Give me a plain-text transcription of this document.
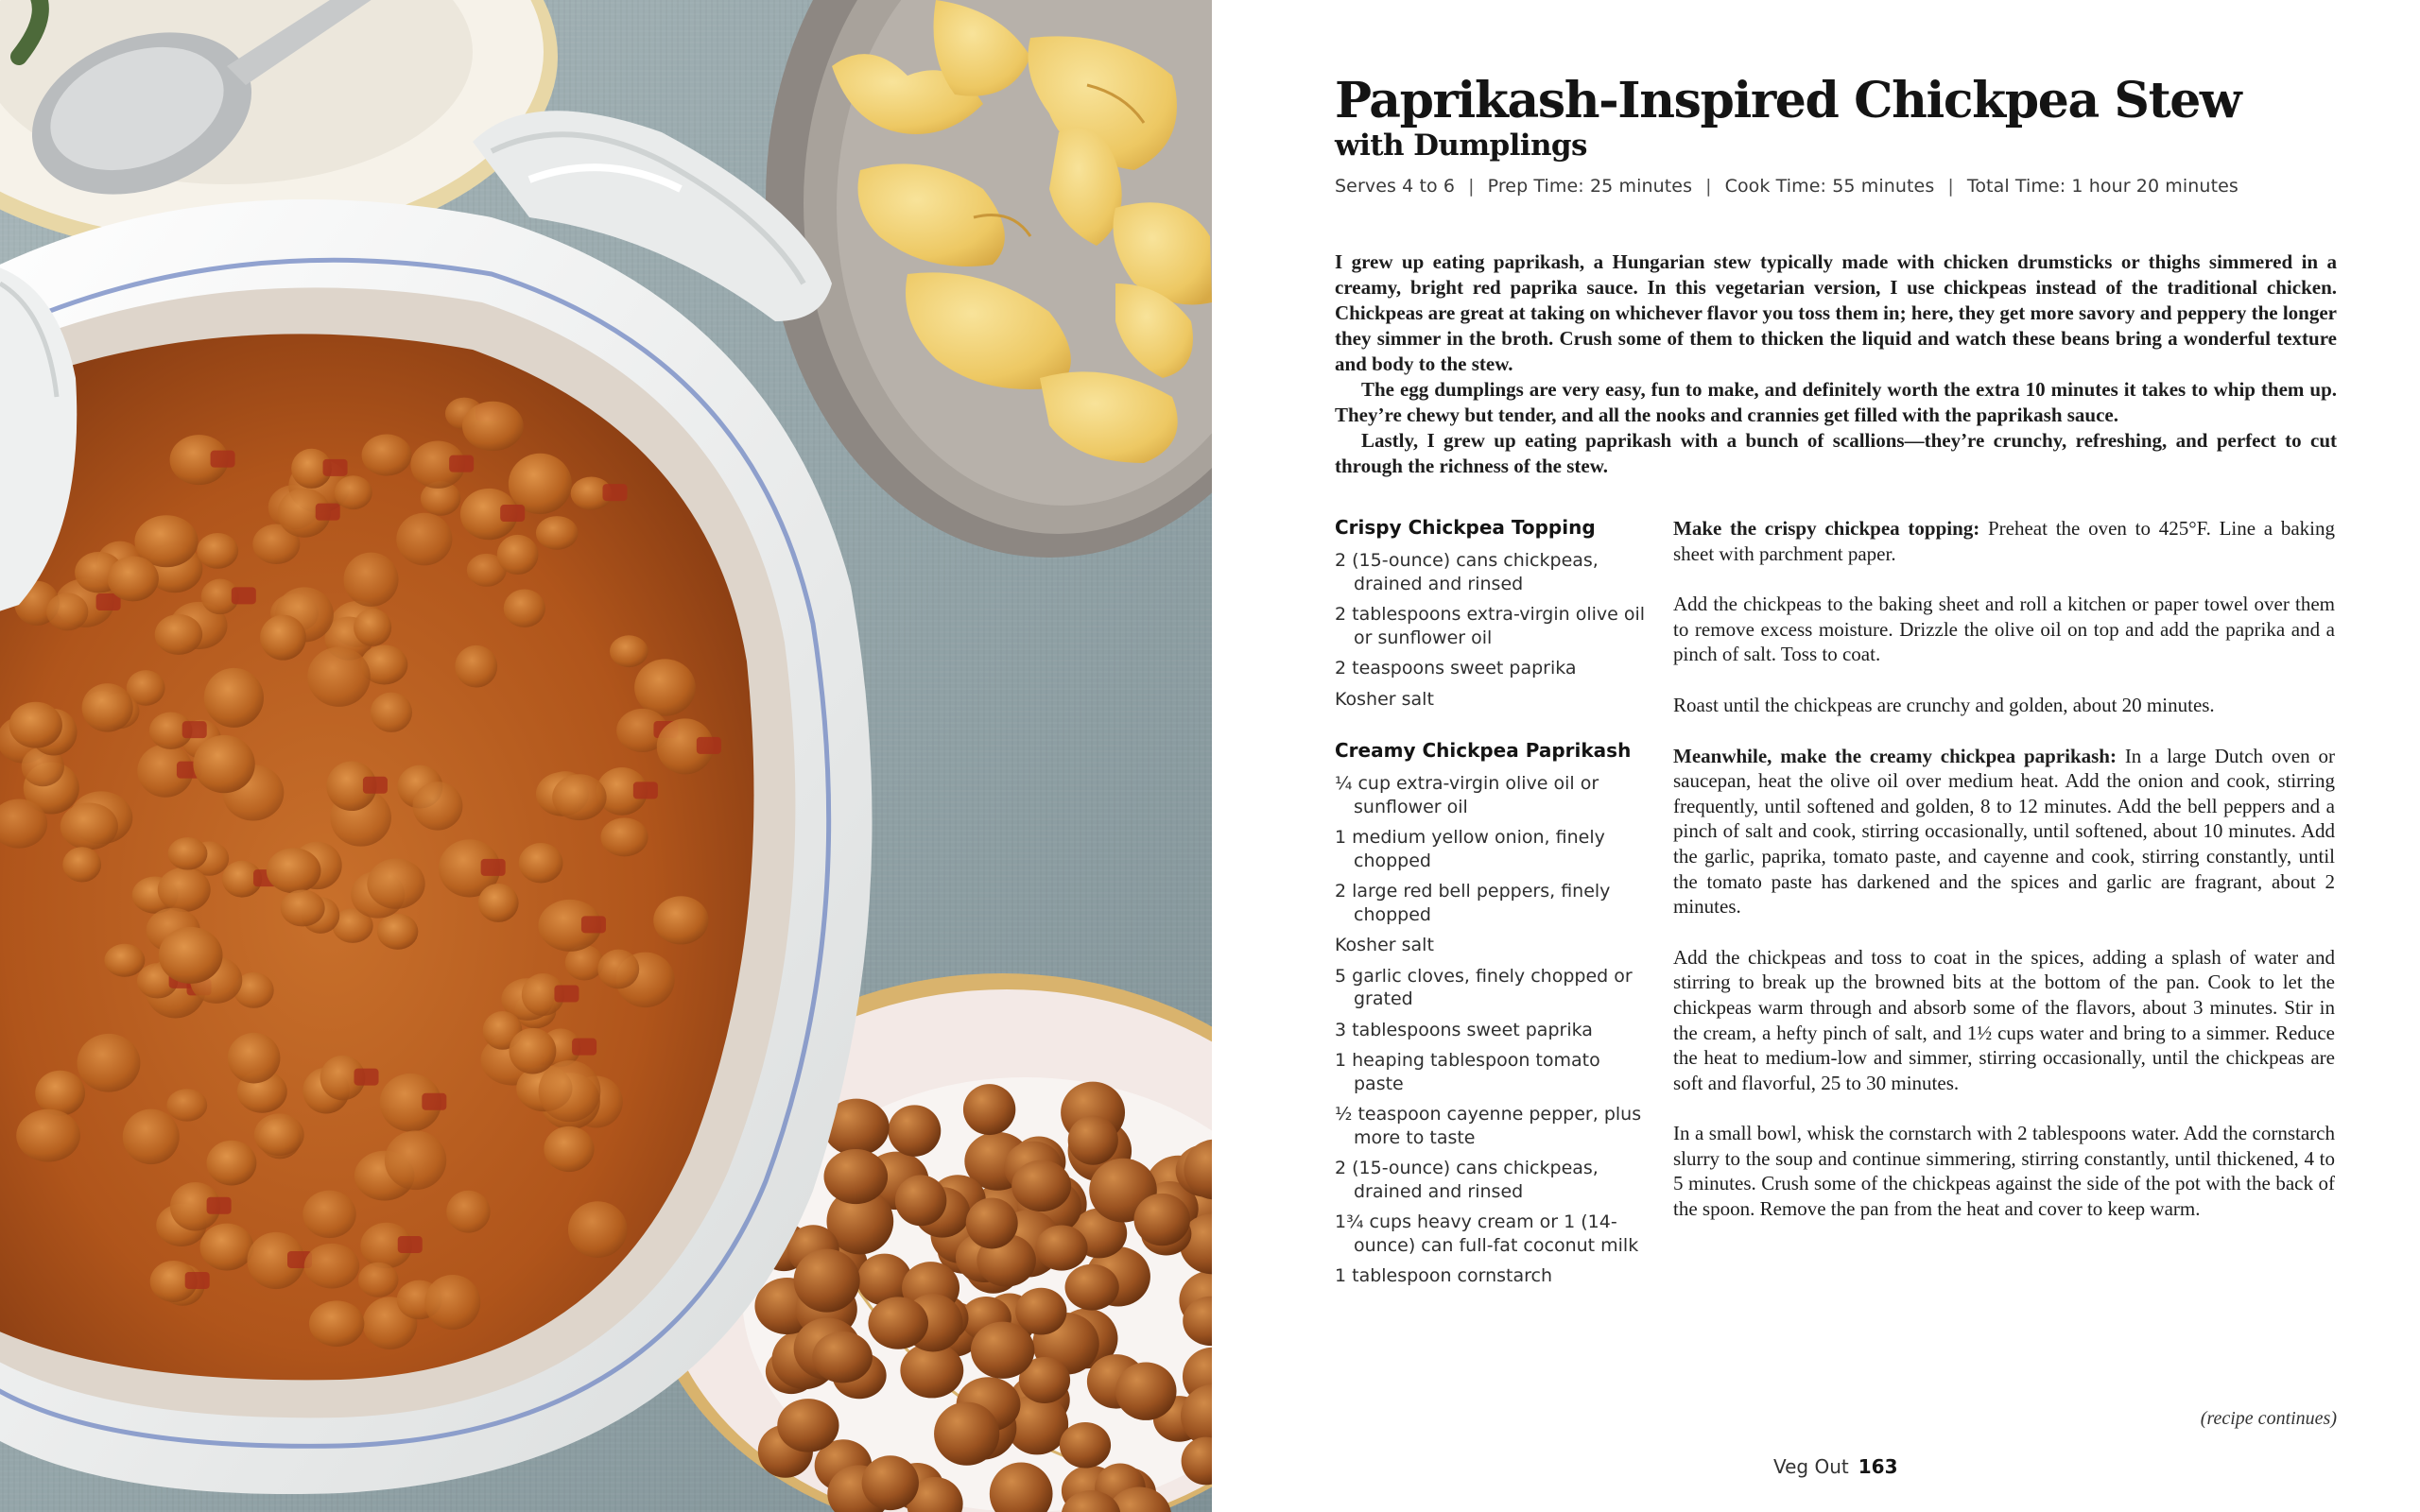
Paprikash-Inspired Chickpea Stew
with Dumplings
Serves 4 to 6 | Prep Time: 25 minutes | Cook Time: 55 minutes | Total Time: 1 hour 20 minutes

I grew up eating paprikash, a Hungarian stew typically made with chicken drumsticks or thighs simmered in a creamy, bright red paprika sauce. In this vegetarian version, I use chickpeas instead of the traditional chicken. Chickpeas are great at taking on whichever flavor you toss them in; here, they get more savory and peppery the longer they simmer in the broth. Crush some of them to thicken the liquid and watch these beans bring a wonderful texture and body to the stew.

The egg dumplings are very easy, fun to make, and definitely worth the extra 10 minutes it takes to whip them up. They’re chewy but tender, and all the nooks and crannies get filled with the paprikash sauce.

Lastly, I grew up eating paprikash with a bunch of scallions—they’re crunchy, refreshing, and perfect to cut through the richness of the stew.

Crispy Chickpea Topping
2 (15-ounce) cans chickpeas, drained and rinsed
2 tablespoons extra-virgin olive oil or sunflower oil
2 teaspoons sweet paprika
Kosher salt
Creamy Chickpea Paprikash
¼ cup extra-virgin olive oil or sunflower oil
1 medium yellow onion, finely chopped
2 large red bell peppers, finely chopped
Kosher salt
5 garlic cloves, finely chopped or grated
3 tablespoons sweet paprika
1 heaping tablespoon tomato paste
½ teaspoon cayenne pepper, plus more to taste
2 (15-ounce) cans chickpeas, drained and rinsed
1¾ cups heavy cream or 1 (14-ounce) can full-fat coconut milk
1 tablespoon cornstarch

Make the crispy chickpea topping: Preheat the oven to 425°F. Line a baking sheet with parchment paper.

Add the chickpeas to the baking sheet and roll a kitchen or paper towel over them to remove excess moisture. Drizzle the olive oil on top and add the paprika and a pinch of salt. Toss to coat.

Roast until the chickpeas are crunchy and golden, about 20 minutes.

Meanwhile, make the creamy chickpea paprikash: In a large Dutch oven or saucepan, heat the olive oil over medium heat. Add the onion and cook, stirring frequently, until softened and golden, 8 to 12 minutes. Add the bell peppers and a pinch of salt and cook, stirring occasionally, until softened, about 10 minutes. Add the garlic, paprika, tomato paste, and cayenne and cook, stirring constantly, until the tomato paste has darkened and the spices and garlic are fragrant, about 2 minutes.

Add the chickpeas and toss to coat in the spices, adding a splash of water and stirring to break up the browned bits at the bottom of the pan. Cook to let the chickpeas warm through and absorb some of the flavors, about 3 minutes. Stir in the cream, a hefty pinch of salt, and 1½ cups water and bring to a simmer. Reduce the heat to medium-low and simmer, stirring occasionally, until the chickpeas are soft and flavorful, 25 to 30 minutes.

In a small bowl, whisk the cornstarch with 2 tablespoons water. Add the cornstarch slurry to the soup and continue simmering, stirring constantly, until thickened, 4 to 5 minutes. Crush some of the chickpeas against the side of the pot with the back of the spoon. Remove the pan from the heat and cover to keep warm.

(recipe continues)
Veg Out 163
